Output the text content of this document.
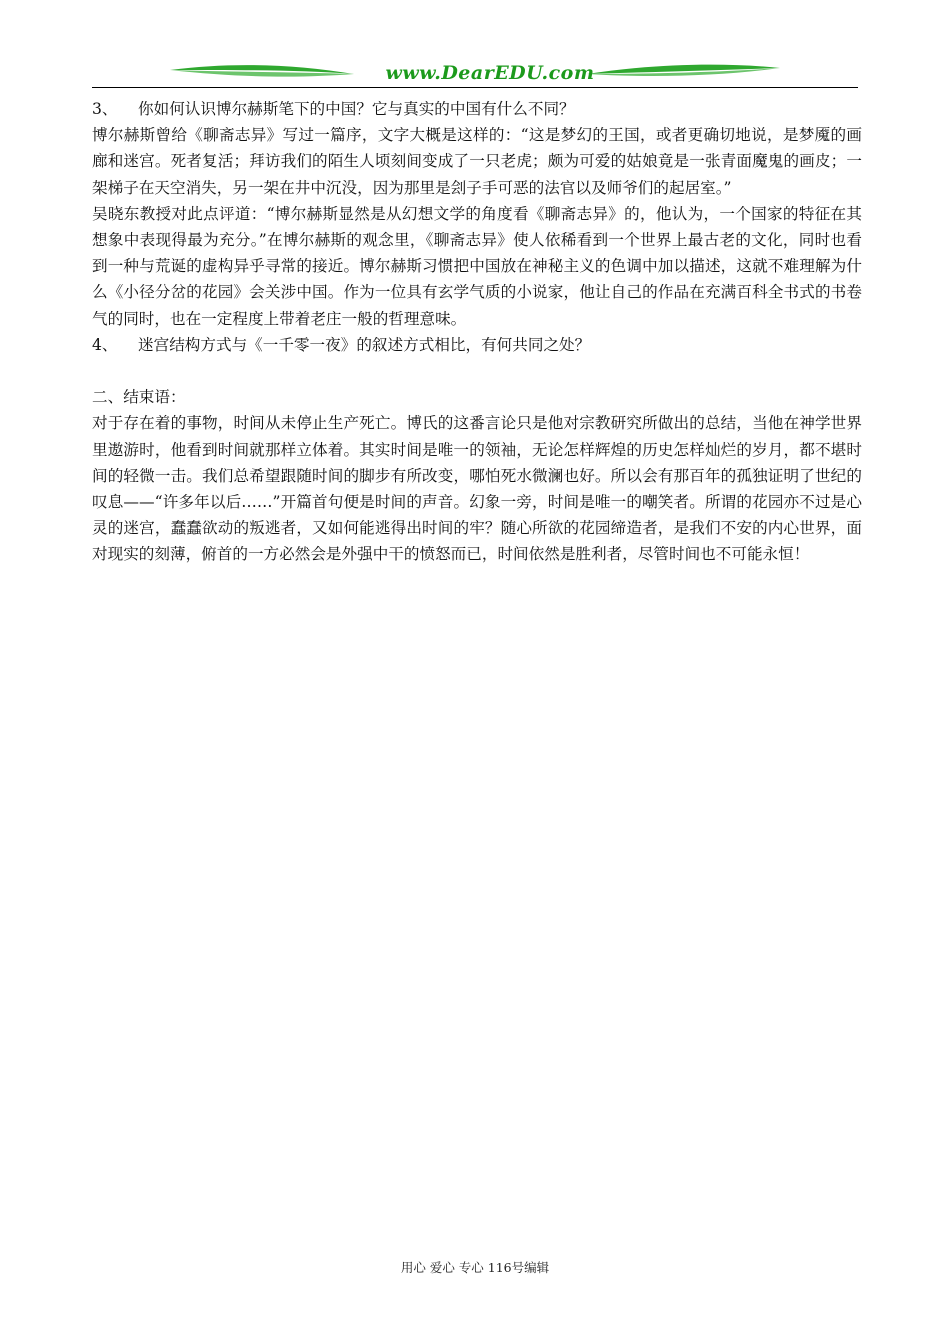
www.DearEDU.com

3、 你如何认识博尔赫斯笔下的中国？它与真实的中国有什么不同？

博尔赫斯曾给《聊斋志异》写过一篇序，文字大概是这样的：“这是梦幻的王国，或者更确切地说，是梦魇的画廊和迷宫。死者复活；拜访我们的陌生人顷刻间变成了一只老虎；颇为可爱的姑娘竟是一张青面魔鬼的画皮；一架梯子在天空消失，另一架在井中沉没，因为那里是刽子手可恶的法官以及师爷们的起居室。”

吴晓东教授对此点评道：“博尔赫斯显然是从幻想文学的角度看《聊斋志异》的，他认为，一个国家的特征在其想象中表现得最为充分。”在博尔赫斯的观念里，《聊斋志异》使人依稀看到一个世界上最古老的文化，同时也看到一种与荒诞的虚构异乎寻常的接近。博尔赫斯习惯把中国放在神秘主义的色调中加以描述，这就不难理解为什么《小径分岔的花园》会关涉中国。作为一位具有玄学气质的小说家，他让自己的作品在充满百科全书式的书卷气的同时，也在一定程度上带着老庄一般的哲理意味。

4、 迷宫结构方式与《一千零一夜》的叙述方式相比，有何共同之处？

二、结束语：

对于存在着的事物，时间从未停止生产死亡。博氏的这番言论只是他对宗教研究所做出的总结，当他在神学世界里遨游时，他看到时间就那样立体着。其实时间是唯一的领袖，无论怎样辉煌的历史怎样灿烂的岁月，都不堪时间的轻微一击。我们总希望跟随时间的脚步有所改变，哪怕死水微澜也好。所以会有那百年的孤独证明了世纪的叹息——“许多年以后……”开篇首句便是时间的声音。幻象一旁，时间是唯一的嘲笑者。所谓的花园亦不过是心灵的迷宫，蠢蠢欲动的叛逃者，又如何能逃得出时间的牢？随心所欲的花园缔造者，是我们不安的内心世界，面对现实的刻薄，俯首的一方必然会是外强中干的愤怒而已，时间依然是胜利者，尽管时间也不可能永恒！

用心 爱心 专心 116号编辑
